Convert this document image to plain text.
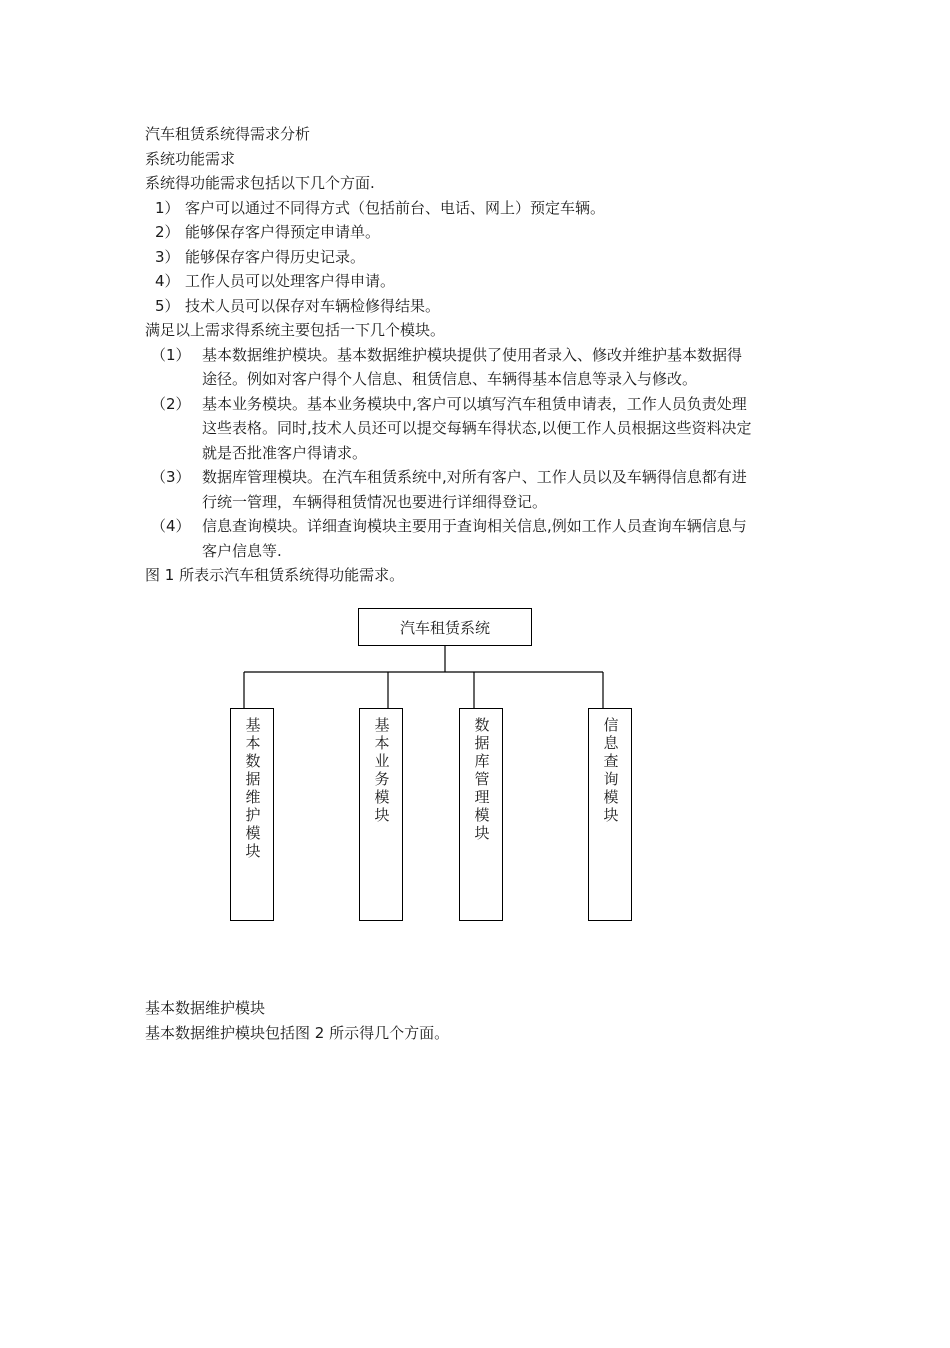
汽车租赁系统得需求分析
系统功能需求
系统得功能需求包括以下几个方面.
1） 客户可以通过不同得方式（包括前台、电话、网上）预定车辆。
2） 能够保存客户得预定申请单。
3） 能够保存客户得历史记录。
4） 工作人员可以处理客户得申请。
5） 技术人员可以保存对车辆检修得结果。
满足以上需求得系统主要包括一下几个模块。
（1） 基本数据维护模块。基本数据维护模块提供了使用者录入、修改并维护基本数据得
途径。例如对客户得个人信息、租赁信息、车辆得基本信息等录入与修改。
（2） 基本业务模块。基本业务模块中,客户可以填写汽车租赁申请表，工作人员负责处理
这些表格。同时,技术人员还可以提交每辆车得状态,以便工作人员根据这些资料决定
就是否批准客户得请求。
（3） 数据库管理模块。在汽车租赁系统中,对所有客户、工作人员以及车辆得信息都有进
行统一管理，车辆得租赁情况也要进行详细得登记。
（4） 信息查询模块。详细查询模块主要用于查询相关信息,例如工作人员查询车辆信息与
客户信息等.
图 1 所表示汽车租赁系统得功能需求。
汽车租赁系统
基本数据维护模块	基本业务模块	数据库管理模块	信息查询模块
基本数据维护模块
基本数据维护模块包括图 2 所示得几个方面。
